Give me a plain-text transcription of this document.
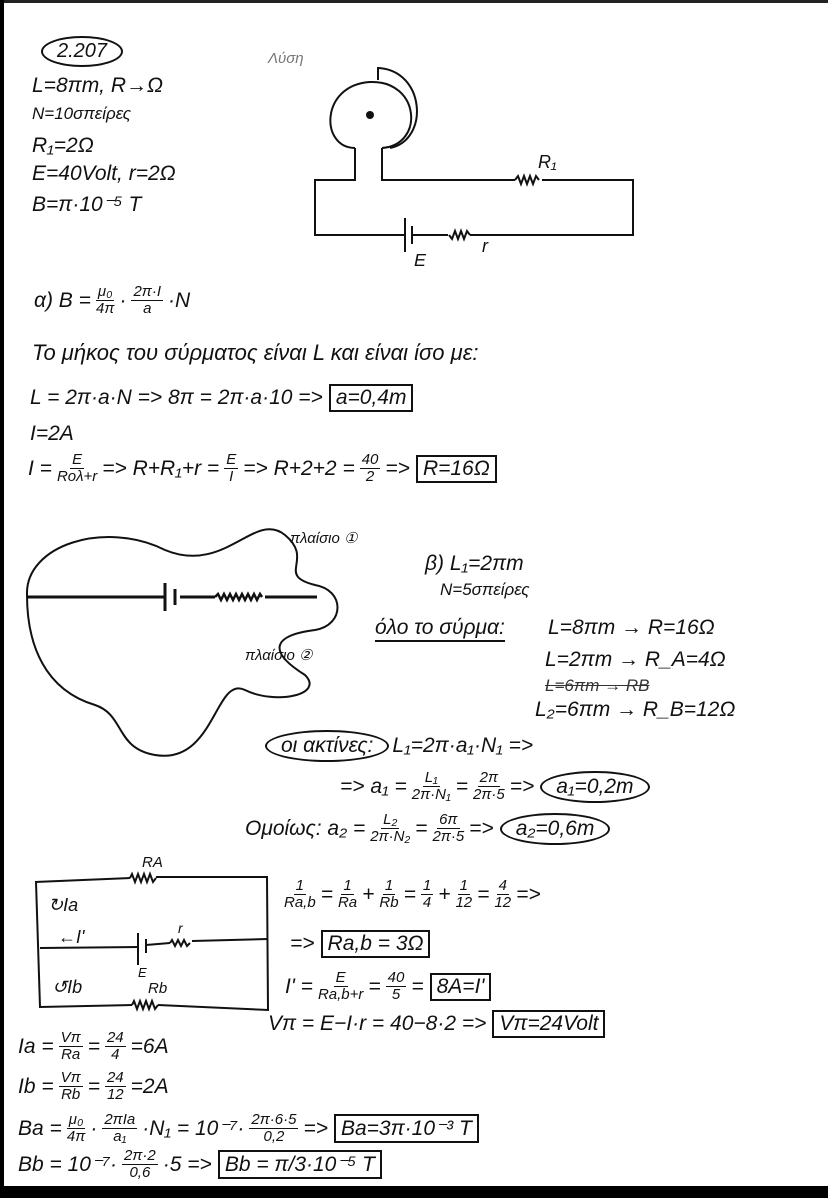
2.207
L=8πm, R→Ω
N=10σπείρες
R₁=2Ω
Ε=40Volt, r=2Ω
Β=π·10⁻⁵ T
Λύση
α) $B = \frac{\text{μ₀}}{4\pi} \cdot \frac{2\pi\cdot I}{a} \cdot N$
Το μήκος του σύρματος είναι L και είναι ίσο με:
L = 2π·a·N => 8π = 2π·a·10 => a=0,4m
I=2A
$I = \frac{E}{\text{Rολ+r}} => R+R_1+r = \frac{E}{I} => R+2+2 = \frac{40}{2} => R=16\Omega$
β) L₁=2πm
N=5σπείρες
όλο το σύρμα: L=8πm → R=16Ω
L=2πm → R_A=4Ω
L=6πm → RB
L₂=6πm → R_B=12Ω
οι ακτίνες: L₁=2π·a₁·N₁ =>
=> $a_1 = \frac{\text{L₁}}{\text{2π·N₁}} = \frac{2\pi}{2\pi\cdot 5}$ =>	a₁=0,2m
Ομοίως: $a_2 = \frac{\text{L₂}}{\text{2π·N₂}} = \frac{6\pi}{2\pi\cdot 5}$ =>	a₂=0,6m
$\frac{1}{Ra,b} = \frac{1}{Ra} + \frac{1}{Rb} = \frac{1}{4} + \frac{1}{12} = \frac{4}{12}$ =>
=> Ra,b = 3Ω
$I' = \frac{E}{Ra,b+r} = \frac{40}{5} = 8A=I'$
Vπ = Ε−I·r = 40−8·2 => Vπ=24Volt
$Ia = \frac{V\pi}{Ra} = \frac{24}{4} =6A$
$Ib = \frac{V\pi}{Rb} = \frac{24}{12} =2A$
$Ba = \frac{\text{μ₀}}{4\pi} \cdot \frac{\text{2πIa}}{\text{a₁}} \cdot N_1 = 10^{-7}\cdot \frac{2\pi\cdot 6\cdot 5}{0,2} => Ba=3\pi\cdot 10^{-3}$ T
$Bb = 10^{-7}\cdot \frac{2\pi\cdot 2}{0,6} \cdot 5 => Bb = \pi/3\cdot 10^{-5}$ T
R₁
Ε
r
πλαίσιο ①
πλαίσιο ②
RA
↻Ia
←I'	r
Ε
↺Ib	Rb
